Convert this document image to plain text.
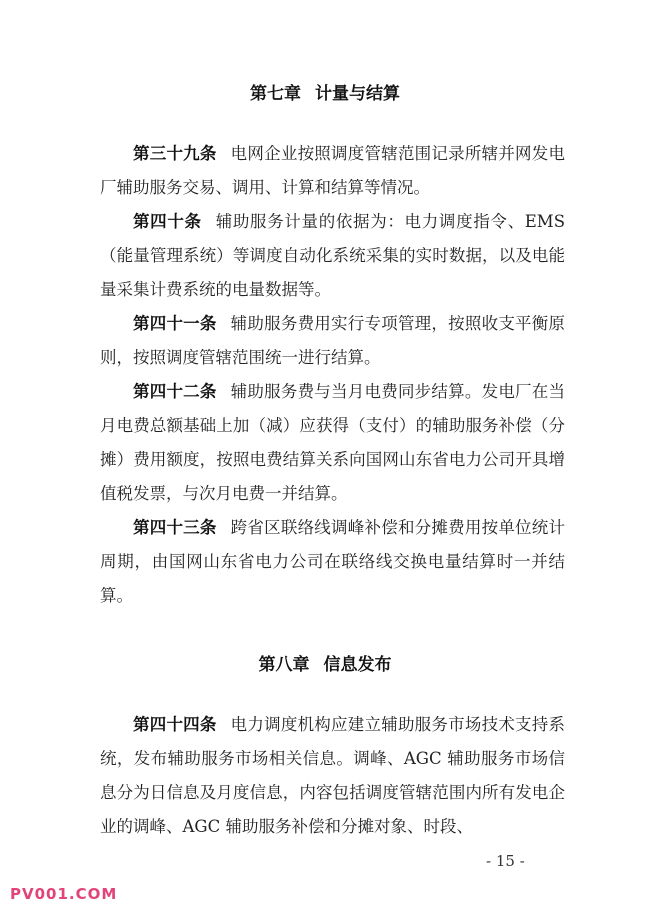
第七章 计量与结算

第三十九条 电网企业按照调度管辖范围记录所辖并网发电厂辅助服务交易、调用、计算和结算等情况。

第四十条 辅助服务计量的依据为：电力调度指令、EMS（能量管理系统）等调度自动化系统采集的实时数据，以及电能量采集计费系统的电量数据等。

第四十一条 辅助服务费用实行专项管理，按照收支平衡原则，按照调度管辖范围统一进行结算。

第四十二条 辅助服务费与当月电费同步结算。发电厂在当月电费总额基础上加（减）应获得（支付）的辅助服务补偿（分摊）费用额度，按照电费结算关系向国网山东省电力公司开具增值税发票，与次月电费一并结算。

第四十三条 跨省区联络线调峰补偿和分摊费用按单位统计周期，由国网山东省电力公司在联络线交换电量结算时一并结算。

第八章 信息发布

第四十四条 电力调度机构应建立辅助服务市场技术支持系统，发布辅助服务市场相关信息。调峰、AGC 辅助服务市场信息分为日信息及月度信息，内容包括调度管辖范围内所有发电企业的调峰、AGC 辅助服务补偿和分摊对象、时段、

- 15 -
PV001.COM
